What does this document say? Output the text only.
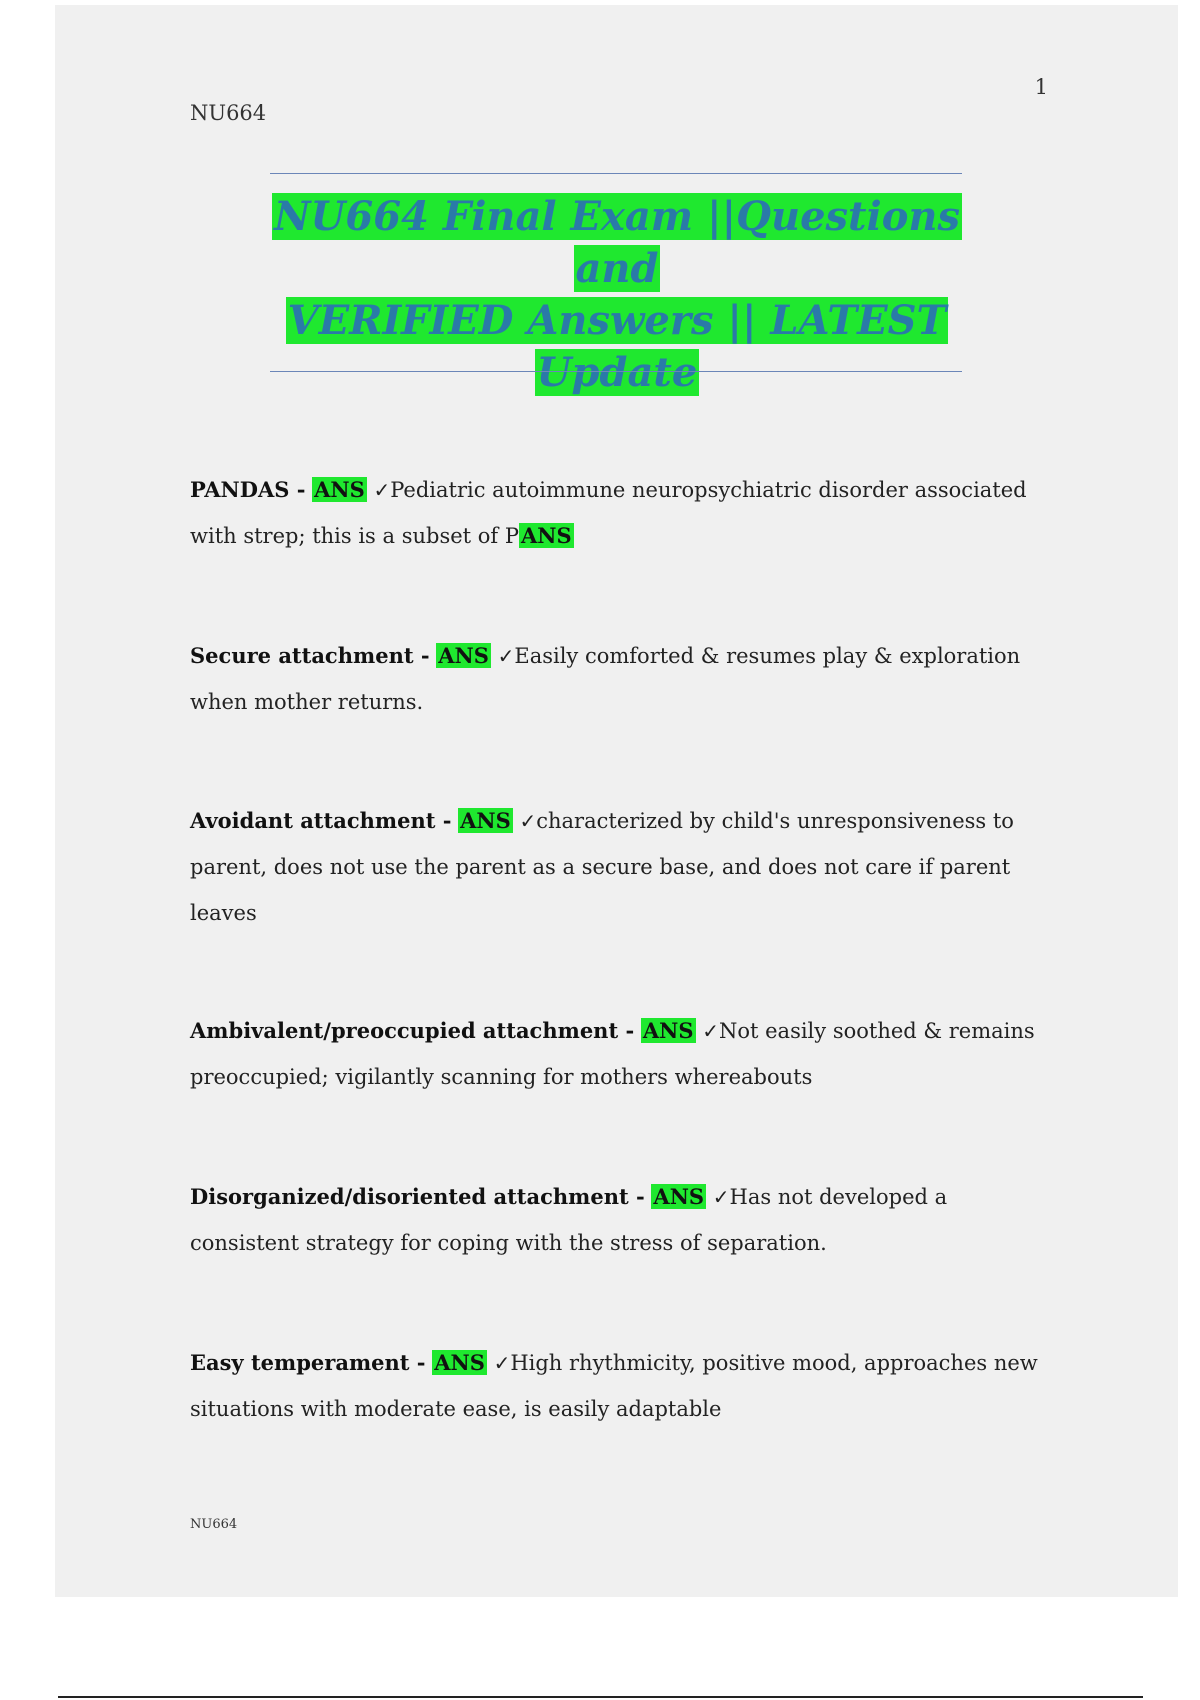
1
NU664
NU664 Final Exam ||Questions and
VERIFIED Answers || LATEST
Update
PANDAS - ANS ✓Pediatric autoimmune neuropsychiatric disorder associated with strep; this is a subset of PANS
Secure attachment - ANS ✓Easily comforted & resumes play & exploration when mother returns.
Avoidant attachment - ANS ✓characterized by child's unresponsiveness to parent, does not use the parent as a secure base, and does not care if parent leaves
Ambivalent/preoccupied attachment - ANS ✓Not easily soothed & remains preoccupied; vigilantly scanning for mothers whereabouts
Disorganized/disoriented attachment - ANS ✓Has not developed a consistent strategy for coping with the stress of separation.
Easy temperament - ANS ✓High rhythmicity, positive mood, approaches new situations with moderate ease, is easily adaptable
NU664
